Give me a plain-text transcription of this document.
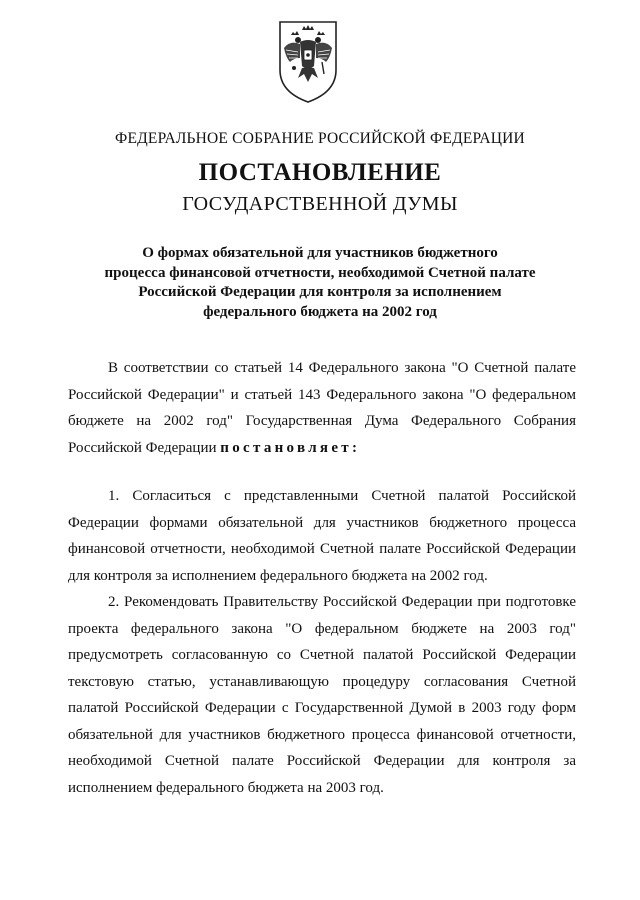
ФЕДЕРАЛЬНОЕ СОБРАНИЕ РОССИЙСКОЙ ФЕДЕРАЦИИ
ПОСТАНОВЛЕНИЕ
ГОСУДАРСТВЕННОЙ ДУМЫ
О формах обязательной для участников бюджетного
процесса финансовой отчетности, необходимой Счетной палате
Российской Федерации для контроля за исполнением
федерального бюджета на 2002 год

В соответствии со статьей 14 Федерального закона "О Счетной палате Российской Федерации" и статьей 143 Федерального закона "О федеральном бюджете на 2002 год" Государственная Дума Федерального Собрания Российской Федерации постановляет:

1. Согласиться с представленными Счетной палатой Российской Федерации формами обязательной для участников бюджетного процесса финансовой отчетности, необходимой Счетной палате Российской Федерации для контроля за исполнением федерального бюджета на 2002 год.

2. Рекомендовать Правительству Российской Федерации при подготовке проекта федерального закона "О федеральном бюджете на 2003 год" предусмотреть согласованную со Счетной палатой Российской Федерации текстовую статью, устанавливающую процедуру согласования Счетной палатой Российской Федерации с Государственной Думой в 2003 году форм обязательной для участников бюджетного процесса финансовой отчетности, необходимой Счетной палате Российской Федерации для контроля за исполнением федерального бюджета на 2003 год.
